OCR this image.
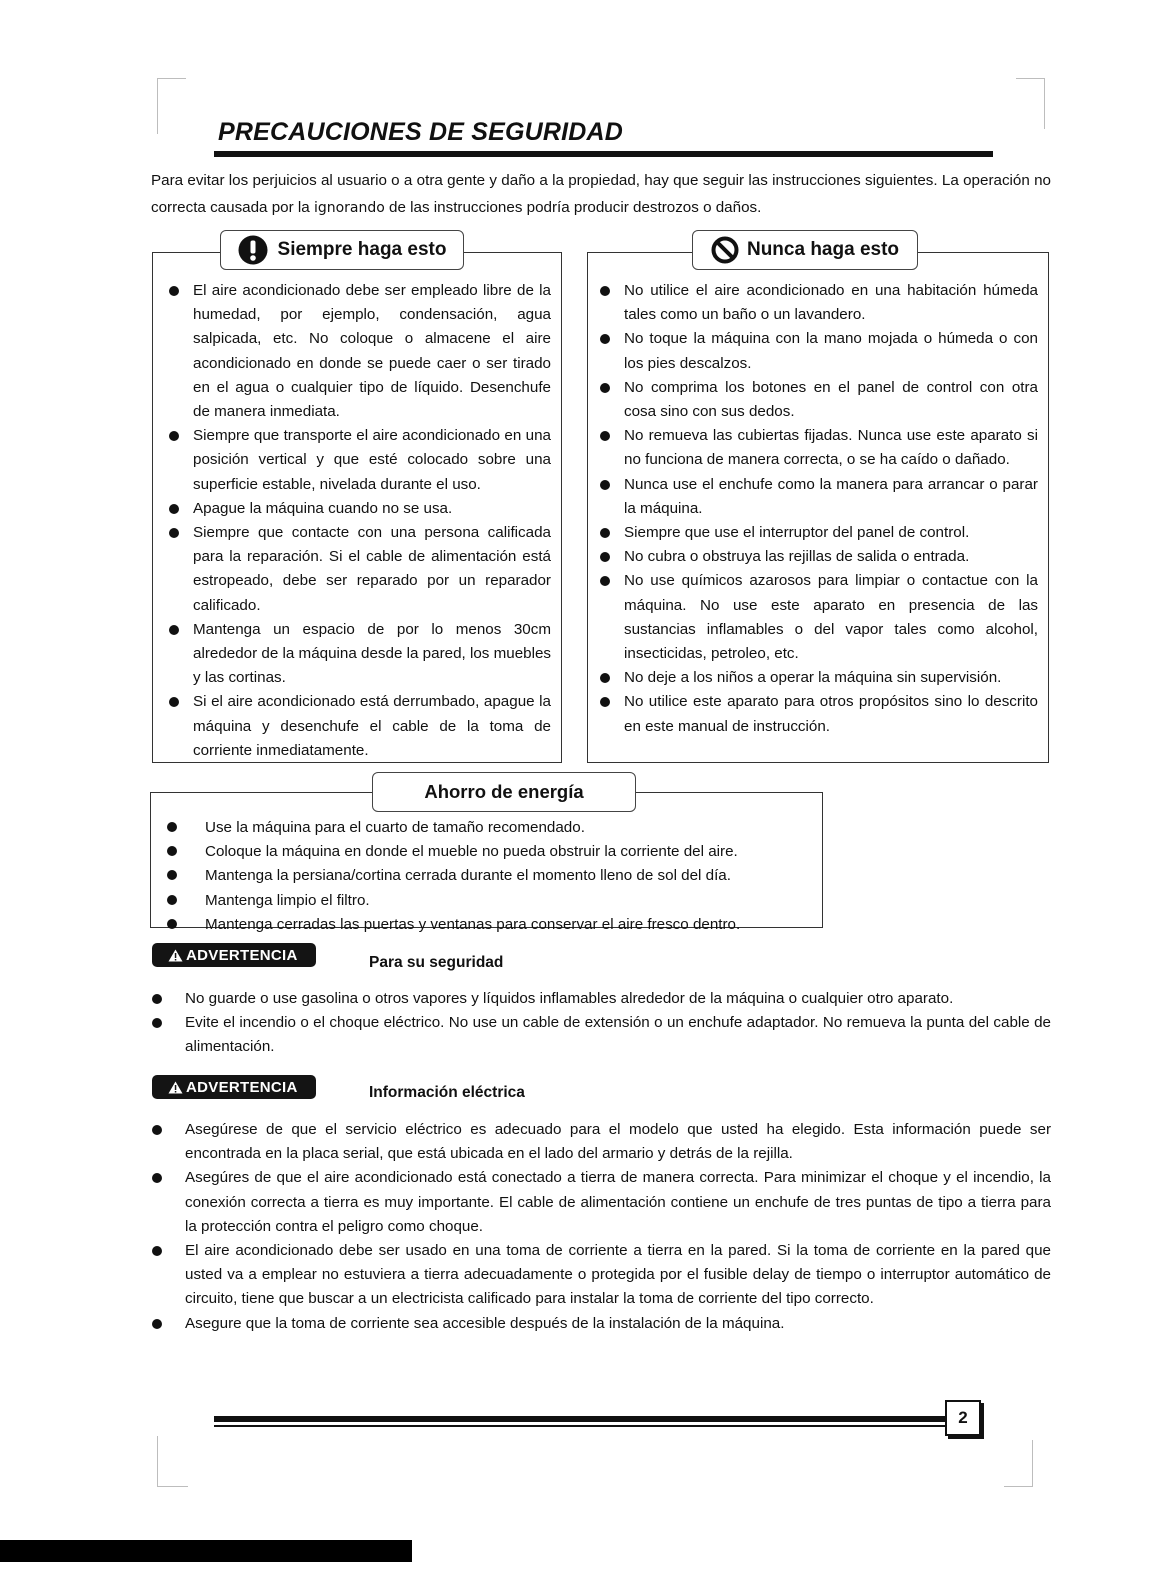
PRECAUCIONES DE SEGURIDAD
Para evitar los perjuicios al usuario o a otra gente y daño a la propiedad, hay que seguir las instrucciones siguientes. La operación no correcta causada por la ignorando de las instrucciones podría producir destrozos o daños.
El aire acondicionado debe ser empleado libre de la humedad, por ejemplo, condensación, agua salpicada, etc. No coloque o almacene el aire acondicionado en donde se puede caer o ser tirado en el agua o cualquier tipo de líquido. Desenchufe de manera inmediata.
Siempre que transporte el aire acondicionado en una posición vertical y que esté colocado sobre una superficie estable, nivelada durante el uso.
Apague la máquina cuando no se usa.
Siempre que contacte con una persona calificada para la reparación. Si el cable de alimentación está estropeado, debe ser reparado por un reparador calificado.
Mantenga un espacio de por lo menos 30cm alrededor de la máquina desde la pared, los muebles y las cortinas.
Si el aire acondicionado está derrumbado, apague la máquina y desenchufe el cable de la toma de corriente inmediatamente.
Siempre haga esto
No utilice el aire acondicionado en una habitación húmeda tales como un baño o un lavandero.
No toque la máquina con la mano mojada o húmeda o con los pies descalzos.
No comprima los botones en el panel de control con otra cosa sino con sus dedos.
No remueva las cubiertas fijadas. Nunca use este aparato si no funciona de manera correcta, o se ha caído o dañado.
Nunca use el enchufe como la manera para arrancar o parar la máquina.
Siempre que use el interruptor del panel de control.
No cubra o obstruya las rejillas de salida o entrada.
No use químicos azarosos para limpiar o contactue con la máquina. No use este aparato en presencia de las sustancias inflamables o del vapor tales como alcohol, insecticidas, petroleo, etc.
No deje a los niños a operar la máquina sin supervisión.
No utilice este aparato para otros propósitos sino lo descrito en este manual de instrucción.
Nunca haga esto
Use la máquina para el cuarto de tamaño recomendado.
Coloque la máquina en donde el mueble no pueda obstruir la corriente del aire.
Mantenga la persiana/cortina cerrada durante el momento lleno de sol del día.
Mantenga limpio el filtro.
Mantenga cerradas las puertas y ventanas para conservar el aire fresco dentro.
Ahorro de energía
ADVERTENCIA	Para su seguridad
No guarde o use gasolina o otros vapores y líquidos inflamables alrededor de la máquina o cualquier otro aparato.
Evite el incendio o el choque eléctrico. No use un cable de extensión o un enchufe adaptador. No remueva la punta del cable de alimentación.
ADVERTENCIA	Información eléctrica
Asegúrese de que el servicio eléctrico es adecuado para el modelo que usted ha elegido. Esta información puede ser encontrada en la placa serial, que está ubicada en el lado del armario y detrás de la rejilla.
Asegúres de que el aire acondicionado está conectado a tierra de manera correcta. Para minimizar el choque y el incendio, la conexión correcta a tierra es muy importante. El cable de alimentación contiene un enchufe de tres puntas de tipo a tierra para la protección contra el peligro como choque.
El aire acondicionado debe ser usado en una toma de corriente a tierra en la pared. Si la toma de corriente en la pared que usted va a emplear no estuviera a tierra adecuadamente o protegida por el fusible delay de tiempo o interruptor automático de circuito, tiene que buscar a un electricista calificado para instalar la toma de corriente del tipo correcto.
Asegure que la toma de corriente sea accesible después de la instalación de la máquina.
2
